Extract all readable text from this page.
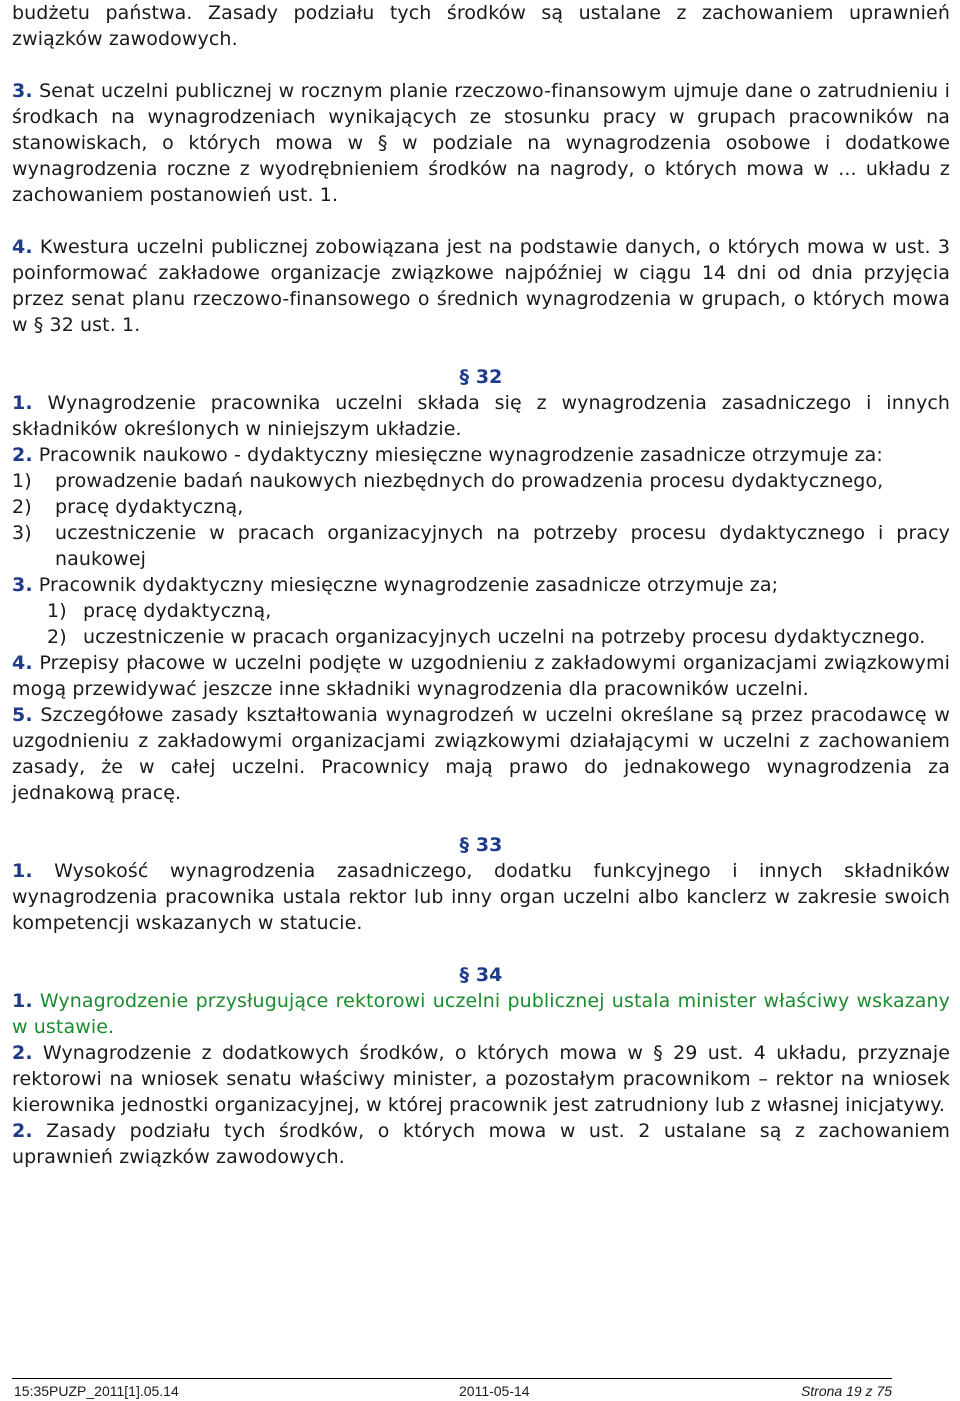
budżetu państwa. Zasady podziału tych środków są ustalane z zachowaniem uprawnień związków zawodowych.

3. Senat uczelni publicznej w rocznym planie rzeczowo-finansowym ujmuje dane o zatrudnieniu i środkach na wynagrodzeniach wynikających ze stosunku pracy w grupach pracowników na stanowiskach, o których mowa w § w podziale na wynagrodzenia osobowe i dodatkowe wynagrodzenia roczne z wyodrębnieniem środków na nagrody, o których mowa w ... układu z zachowaniem postanowień ust. 1.

4. Kwestura uczelni publicznej zobowiązana jest na podstawie danych, o których mowa w ust. 3 poinformować zakładowe organizacje związkowe najpóźniej w ciągu 14 dni od dnia przyjęcia przez senat planu rzeczowo-finansowego o średnich wynagrodzenia w grupach, o których mowa w § 32 ust. 1.

§ 32

1. Wynagrodzenie pracownika uczelni składa się z wynagrodzenia zasadniczego i innych składników określonych w niniejszym układzie.

2. Pracownik naukowo - dydaktyczny miesięczne wynagrodzenie zasadnicze otrzymuje za:

1)	prowadzenie badań naukowych niezbędnych do prowadzenia procesu dydaktycznego,
2)	pracę dydaktyczną,
3)	uczestniczenie w pracach organizacyjnych na potrzeby procesu dydaktycznego i pracy naukowej

3. Pracownik dydaktyczny miesięczne wynagrodzenie zasadnicze otrzymuje za;

1) pracę dydaktyczną,
2) uczestniczenie w pracach organizacyjnych uczelni na potrzeby procesu dydaktycznego.

4. Przepisy płacowe w uczelni podjęte w uzgodnieniu z zakładowymi organizacjami związkowymi mogą przewidywać jeszcze inne składniki wynagrodzenia dla pracowników uczelni.

5. Szczegółowe zasady kształtowania wynagrodzeń w uczelni określane są przez pracodawcę w uzgodnieniu z zakładowymi organizacjami związkowymi działającymi w uczelni z zachowaniem zasady, że w całej uczelni. Pracownicy mają prawo do jednakowego wynagrodzenia za jednakową pracę.

§ 33

1. Wysokość wynagrodzenia zasadniczego, dodatku funkcyjnego i innych składników wynagrodzenia pracownika ustala rektor lub inny organ uczelni albo kanclerz w zakresie swoich kompetencji wskazanych w statucie.

§ 34

1. Wynagrodzenie przysługujące rektorowi uczelni publicznej ustala minister właściwy wskazany w ustawie.

2. Wynagrodzenie z dodatkowych środków, o których mowa w § 29 ust. 4 układu, przyznaje rektorowi na wniosek senatu właściwy minister, a pozostałym pracownikom – rektor na wniosek kierownika jednostki organizacyjnej, w której pracownik jest zatrudniony lub z własnej inicjatywy.

2. Zasady podziału tych środków, o których mowa w ust. 2 ustalane są z zachowaniem uprawnień związków zawodowych.

15:35PUZP_2011[1].05.14	2011-05-14	Strona 19 z 75
